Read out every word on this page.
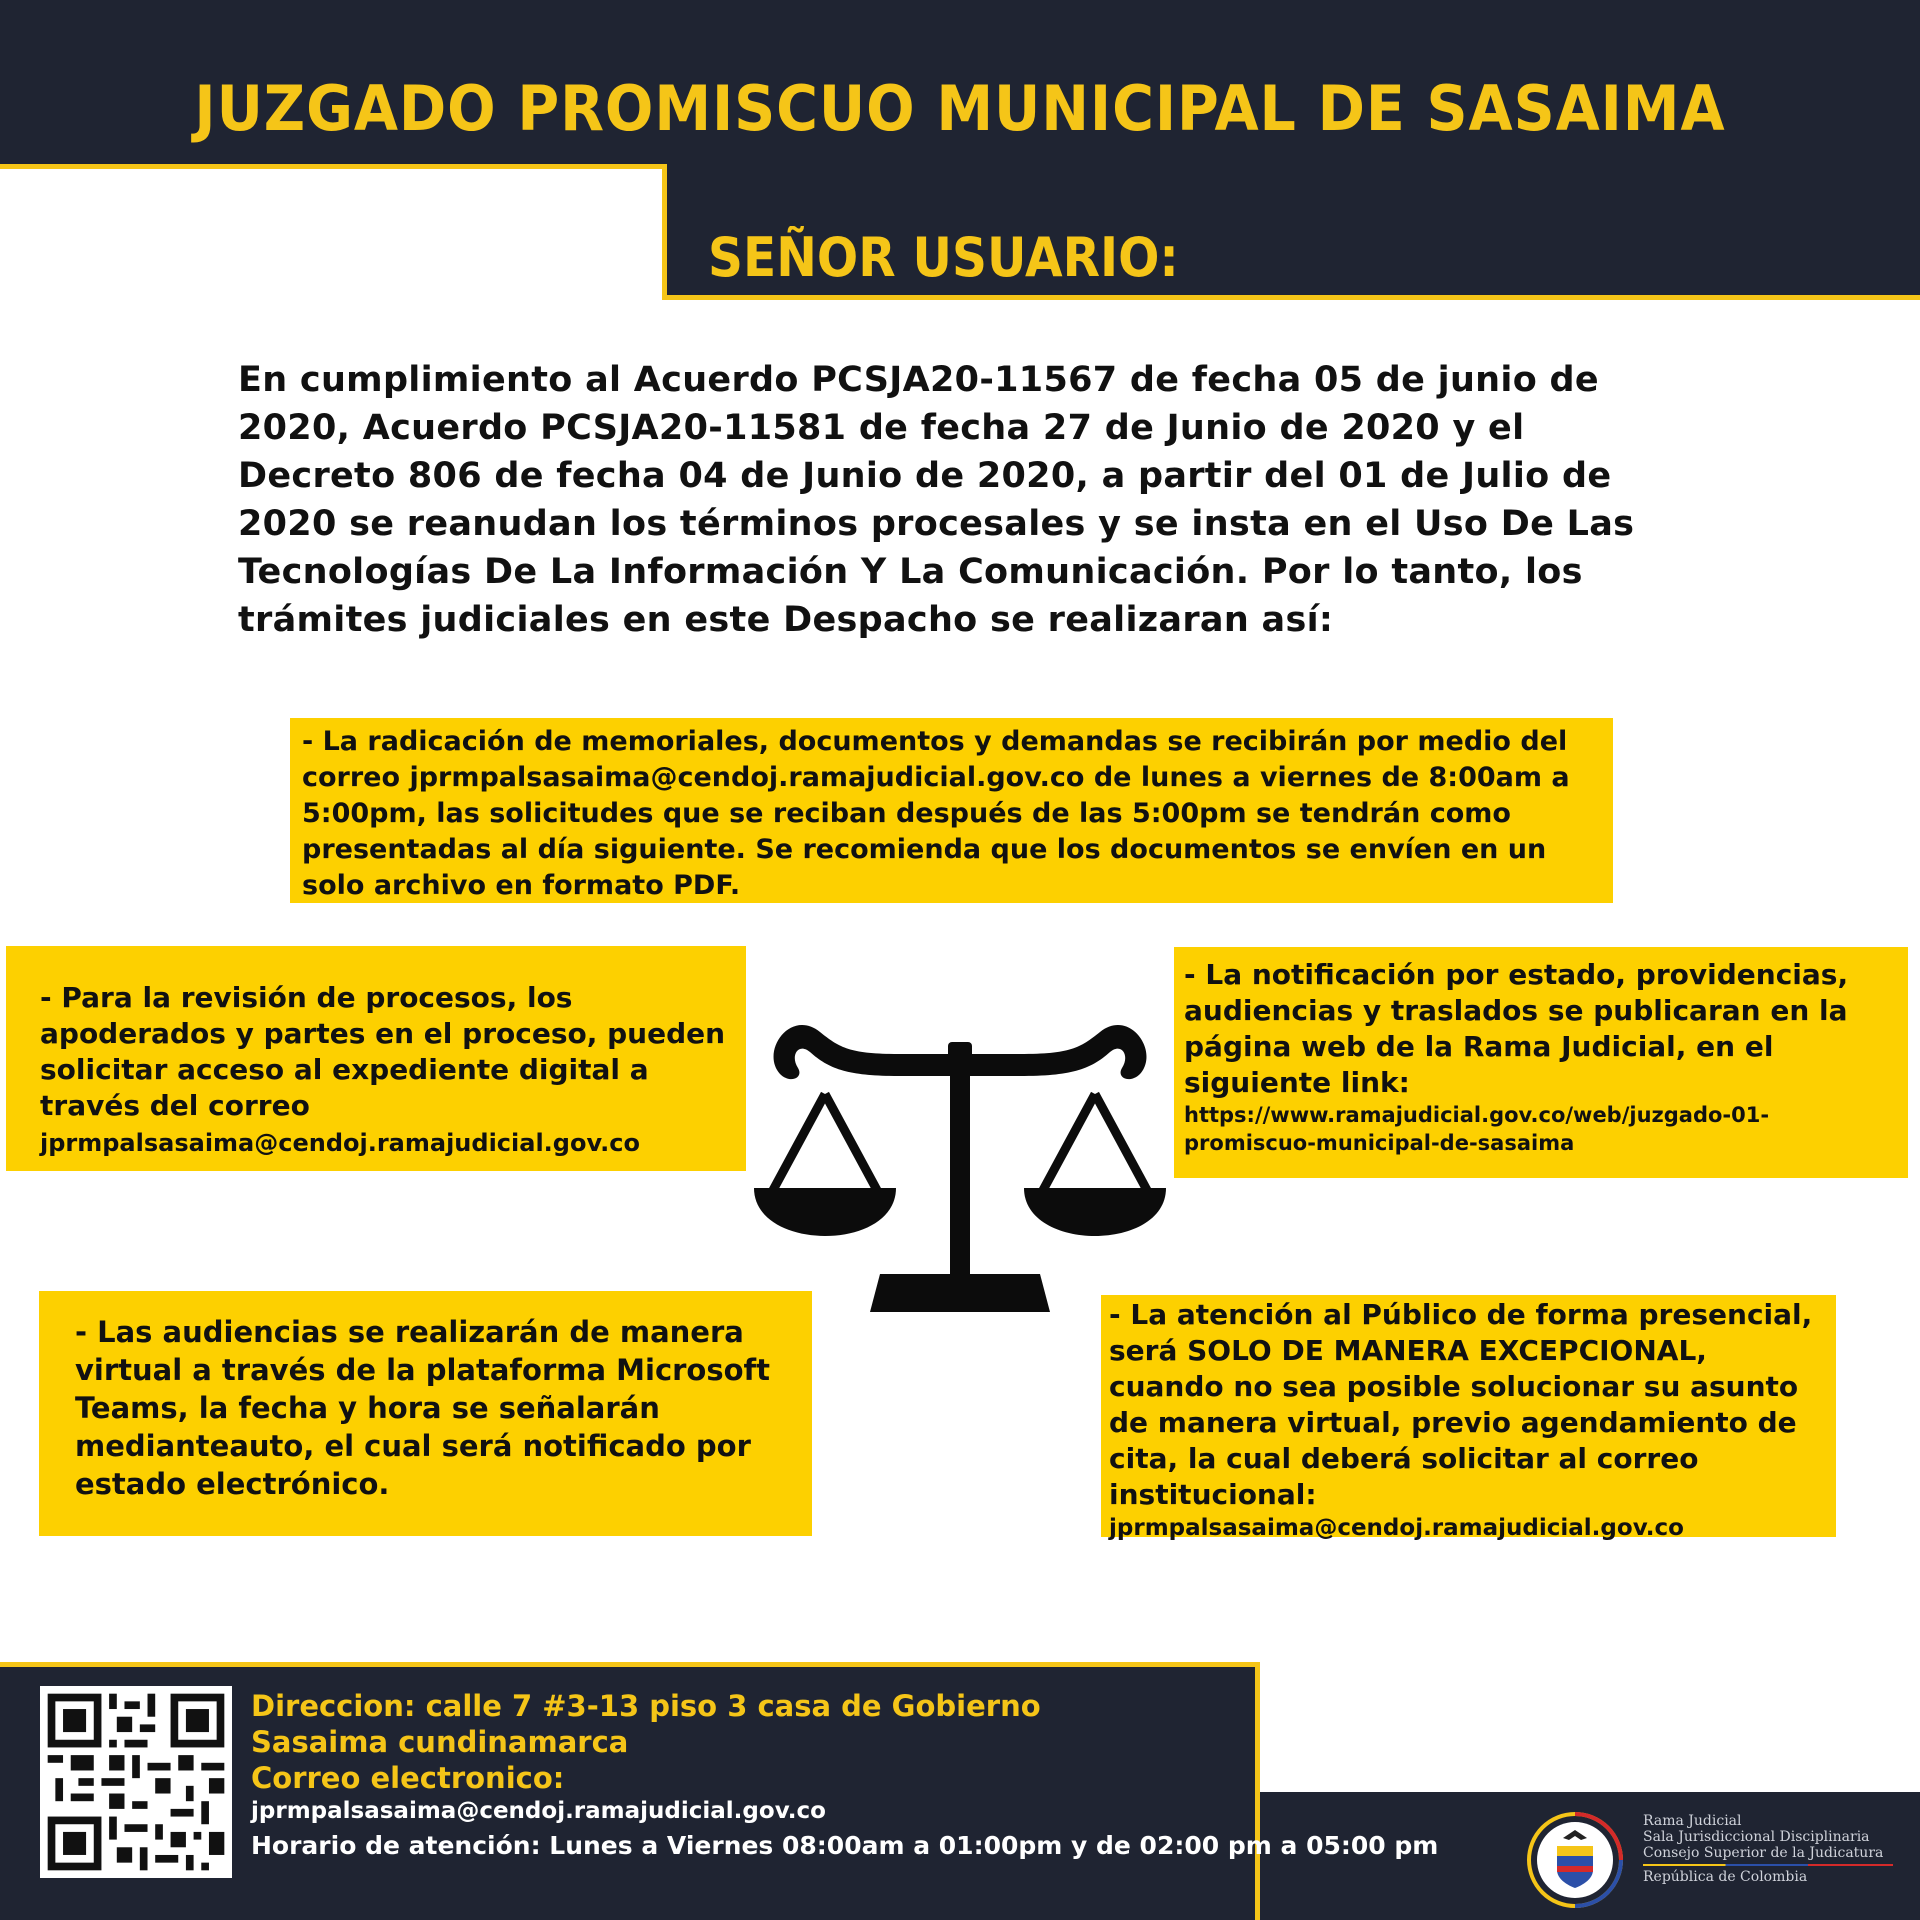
JUZGADO PROMISCUO MUNICIPAL DE SASAIMA
SEÑOR USUARIO:
En cumplimiento al Acuerdo PCSJA20-11567 de fecha 05 de junio de 2020, Acuerdo PCSJA20-11581 de fecha 27 de Junio de 2020 y el Decreto 806 de fecha 04 de Junio de 2020, a partir del 01 de Julio de 2020 se reanudan los términos procesales y se insta en el Uso De Las Tecnologías De La Información Y La Comunicación. Por lo tanto, los trámites judiciales en este Despacho se realizaran así:
- La radicación de memoriales, documentos y demandas se recibirán por medio del correo jprmpalsasaima@cendoj.ramajudicial.gov.co de lunes a viernes de 8:00am a 5:00pm, las solicitudes que se reciban después de las 5:00pm se tendrán como presentadas al día siguiente. Se recomienda que los documentos se envíen en un solo archivo en formato PDF.
- Para la revisión de procesos, los apoderados y partes en el proceso, pueden solicitar acceso al expediente digital a través del correo
jprmpalsasaima@cendoj.ramajudicial.gov.co
- La notificación por estado, providencias, audiencias y traslados se publicaran en la página web de la Rama Judicial, en el siguiente link:
https://www.ramajudicial.gov.co/web/juzgado-01-promiscuo-municipal-de-sasaima
- Las audiencias se realizarán de manera virtual a través de la plataforma Microsoft Teams, la fecha y hora se señalarán medianteauto, el cual será notificado por estado electrónico.
- La atención al Público de forma presencial, será SOLO DE MANERA EXCEPCIONAL, cuando no sea posible solucionar su asunto de manera virtual, previo agendamiento de cita, la cual deberá solicitar al correo institucional:
jprmpalsasaima@cendoj.ramajudicial.gov.co
Direccion: calle 7 #3-13 piso 3 casa de Gobierno
Sasaima cundinamarca
Correo electronico:
jprmpalsasaima@cendoj.ramajudicial.gov.co
Horario de atención: Lunes a Viernes 08:00am a 01:00pm y de 02:00 pm a 05:00 pm
Rama Judicial
Sala Jurisdiccional Disciplinaria
Consejo Superior de la Judicatura
República de Colombia
